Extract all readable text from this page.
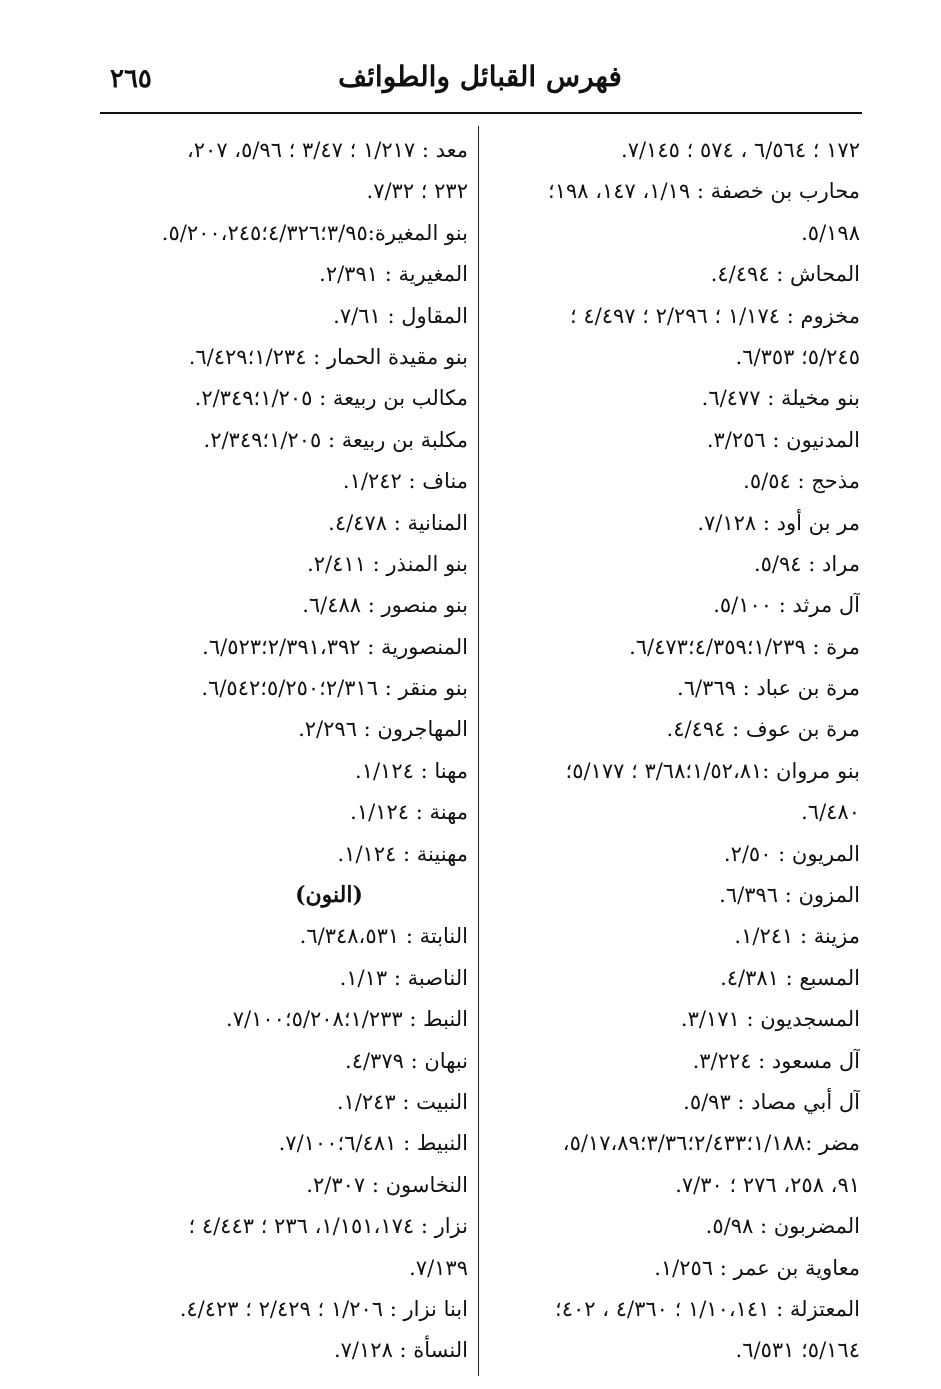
٢٦٥	فهرس القبائل والطوائف
١٧٢ ؛ ٦/٥٦٤ ، ٥٧٤ ؛ ٧/١٤٥.
محارب بن خصفة : ١/١٩، ١٤٧، ١٩٨؛
٥/١٩٨.
المحاش : ٤/٤٩٤.
مخزوم : ١/١٧٤ ؛ ٢/٢٩٦ ؛ ٤/٤٩٧ ؛
٥/٢٤٥؛ ٦/٣٥٣.
بنو مخيلة : ٦/٤٧٧.
المدنيون : ٣/٢٥٦.
مذحج : ٥/٥٤.
مر بن أود : ٧/١٢٨.
مراد : ٥/٩٤.
آل مرثد : ٥/١٠٠.
مرة : ١/٢٣٩؛٤/٣٥٩؛٦/٤٧٣.
مرة بن عباد : ٦/٣٦٩.
مرة بن عوف : ٤/٤٩٤.
بنو مروان :١/٥٢،٨١؛٣/٦٨ ؛ ٥/١٧٧؛
٦/٤٨٠.
المريون : ٢/٥٠.
المزون : ٦/٣٩٦.
مزينة : ١/٢٤١.
المسبع : ٤/٣٨١.
المسجديون : ٣/١٧١.
آل مسعود : ٣/٢٢٤.
آل أبي مصاد : ٥/٩٣.
مضر :١/١٨٨؛٢/٤٣٣؛٣/٣٦؛٥/١٧،٨٩،
٩١، ٢٥٨، ٢٧٦ ؛ ٧/٣٠.
المضربون : ٥/٩٨.
معاوية بن عمر : ١/٢٥٦.
المعتزلة : ١/١٠،١٤١ ؛ ٤/٣٦٠ ، ٤٠٢؛
٥/١٦٤؛ ٦/٥٣١.
معد : ١/٢١٧ ؛ ٣/٤٧ ؛ ٥/٩٦، ٢٠٧،
٢٣٢ ؛ ٧/٣٢.
بنو المغيرة:٣/٩٥؛٤/٣٢٦؛٥/٢٠٠،٢٤٥.
المغيرية : ٢/٣٩١.
المقاول : ٧/٦١.
بنو مقيدة الحمار : ١/٢٣٤؛٦/٤٢٩.
مكالب بن ربيعة : ١/٢٠٥؛٢/٣٤٩.
مكلبة بن ربيعة : ١/٢٠٥؛٢/٣٤٩.
مناف : ١/٢٤٢.
المنانية : ٤/٤٧٨.
بنو المنذر : ٢/٤١١.
بنو منصور : ٦/٤٨٨.
المنصورية : ٢/٣٩١،٣٩٢؛٦/٥٢٣.
بنو منقر : ٢/٣١٦؛٥/٢٥٠؛٦/٥٤٢.
المهاجرون : ٢/٢٩٦.
مهنا : ١/١٢٤.
مهنة : ١/١٢٤.
مهنينة : ١/١٢٤.
(النون)
النابتة : ٦/٣٤٨،٥٣١.
الناصبة : ١/١٣.
النبط : ١/٢٣٣؛٥/٢٠٨؛٧/١٠٠.
نبهان : ٤/٣٧٩.
النبيت : ١/٢٤٣.
النبيط : ٦/٤٨١؛٧/١٠٠.
النخاسون : ٢/٣٠٧.
نزار : ١/١٥١،١٧٤، ٢٣٦ ؛ ٤/٤٤٣ ؛
٧/١٣٩.
ابنا نزار : ١/٢٠٦ ؛ ٢/٤٢٩ ؛ ٤/٤٢٣.
النسأة : ٧/١٢٨.
